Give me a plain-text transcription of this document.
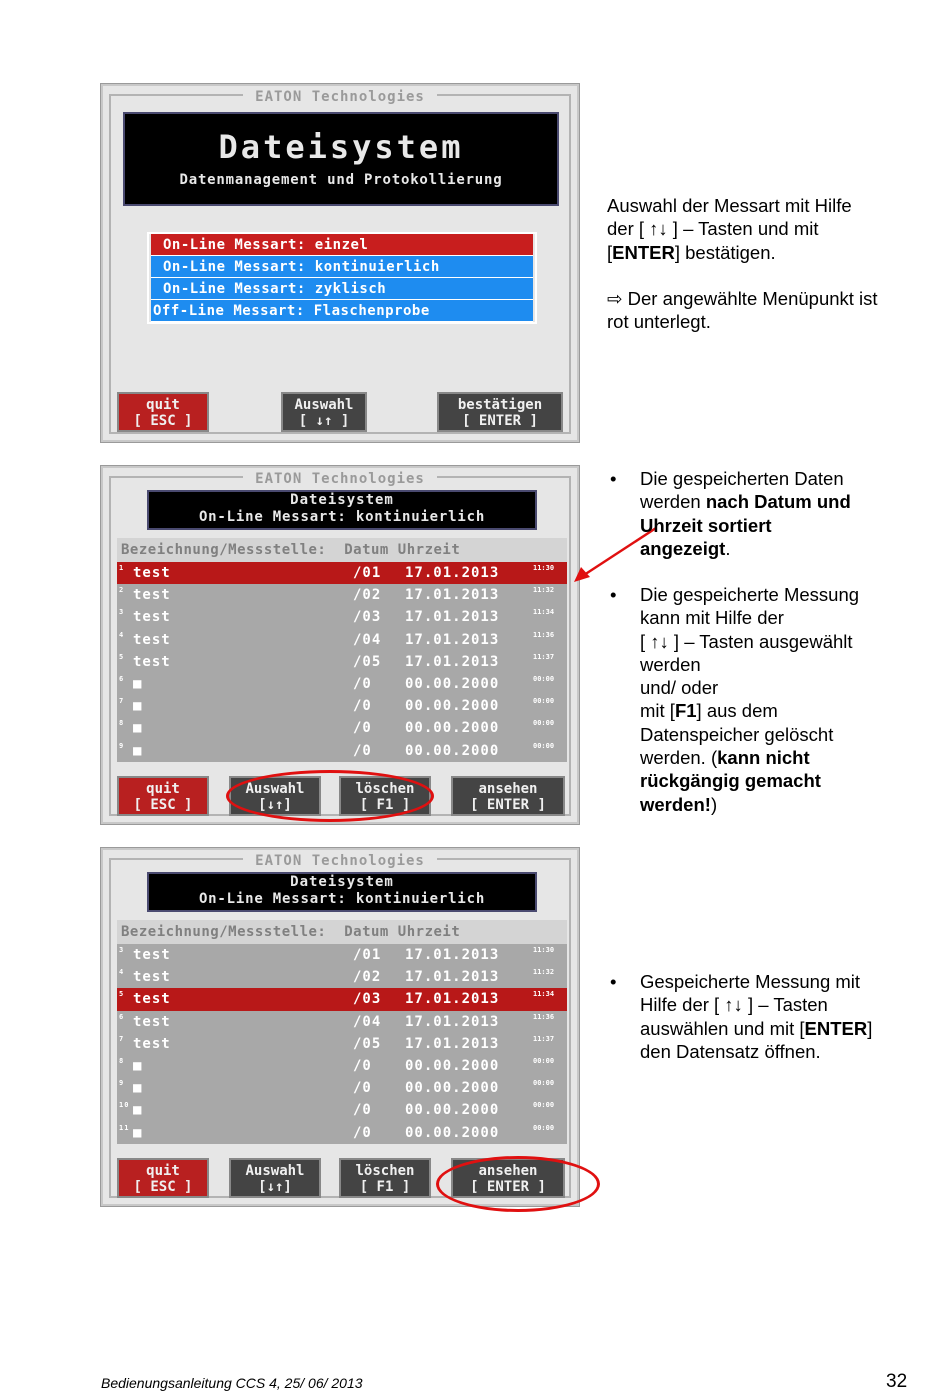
EATON Technologies
Dateisystem
Datenmanagement und Protokollierung
On-Line Messart: einzel
On-Line Messart: kontinuierlich
On-Line Messart: zyklisch
Off-Line Messart: Flaschenprobe
quit
[ ESC ]
Auswahl
[ ↓↑ ]
bestätigen
[ ENTER ]
EATON Technologies
Dateisystem
On-Line Messart: kontinuierlich
Bezeichnung/Messstelle:  Datum Uhrzeit
1 test	/01 17.01.2013	11:30
2 test	/02 17.01.2013	11:32
3 test	/03 17.01.2013	11:34
4 test	/04 17.01.2013	11:36
5 test	/05 17.01.2013	11:37
6 ■	/0 00.00.2000	00:00
7 ■	/0 00.00.2000	00:00
8 ■	/0 00.00.2000	00:00
9 ■	/0 00.00.2000	00:00
quit
[ ESC ]
Auswahl
[↓↑]
löschen
[ F1 ]
ansehen
[ ENTER ]
EATON Technologies
Dateisystem
On-Line Messart: kontinuierlich
Bezeichnung/Messstelle:  Datum Uhrzeit
3 test	/01 17.01.2013	11:30
4 test	/02 17.01.2013	11:32
5 test	/03 17.01.2013	11:34
6 test	/04 17.01.2013	11:36
7 test	/05 17.01.2013	11:37
8 ■	/0 00.00.2000	00:00
9 ■	/0 00.00.2000	00:00
10 ■	/0 00.00.2000	00:00
11 ■	/0 00.00.2000	00:00
quit
[ ESC ]
Auswahl
[↓↑]
löschen
[ F1 ]
ansehen
[ ENTER ]
Auswahl der Messart mit Hilfe
der [ ↑↓ ] – Tasten und mit
[ENTER] bestätigen.
⇨ Der angewählte Menüpunkt ist
rot unterlegt.
• Die gespeicherten Daten
werden nach Datum und
Uhrzeit sortiert
angezeigt.
• Die gespeicherte Messung
kann mit Hilfe der
[ ↑↓ ] – Tasten ausgewählt
werden
und/ oder
mit [F1] aus dem
Datenspeicher gelöscht
werden. (kann nicht
rückgängig gemacht
werden!)
• Gespeicherte Messung mit
Hilfe der [ ↑↓ ] – Tasten
auswählen und mit [ENTER]
den Datensatz öffnen.
Bedienungsanleitung CCS 4, 25/ 06/ 2013	32
